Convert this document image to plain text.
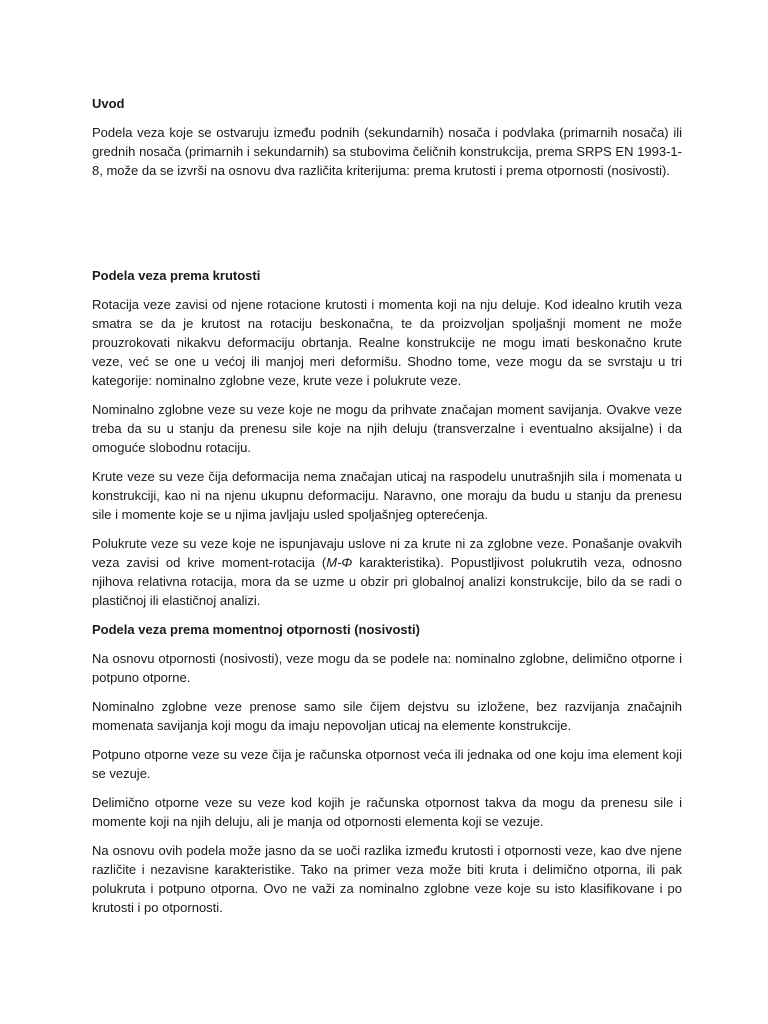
Uvod

Podela veza koje se ostvaruju između podnih (sekundarnih) nosača i podvlaka (primarnih nosača) ili grednih nosača (primarnih i sekundarnih) sa stubovima čeličnih konstrukcija, prema SRPS EN 1993-1-8, može da se izvrši na osnovu dva različita kriterijuma: prema krutosti i prema otpornosti (nosivosti).

Podela veza prema krutosti

Rotacija veze zavisi od njene rotacione krutosti i momenta koji na nju deluje. Kod idealno krutih veza smatra se da je krutost na rotaciju beskonačna, te da proizvoljan spoljašnji moment ne može prouzrokovati nikakvu deformaciju obrtanja. Realne konstrukcije ne mogu imati beskonačno krute veze, već se one u većoj ili manjoj meri deformišu. Shodno tome, veze mogu da se svrstaju u tri kategorije: nominalno zglobne veze, krute veze i polukrute veze.

Nominalno zglobne veze su veze koje ne mogu da prihvate značajan moment savijanja. Ovakve veze treba da su u stanju da prenesu sile koje na njih deluju (transverzalne i eventualno aksijalne) i da omoguće slobodnu rotaciju.

Krute veze su veze čija deformacija nema značajan uticaj na raspodelu unutrašnjih sila i momenata u konstrukciji, kao ni na njenu ukupnu deformaciju. Naravno, one moraju da budu u stanju da prenesu sile i momente koje se u njima javljaju usled spoljašnjeg opterećenja.

Polukrute veze su veze koje ne ispunjavaju uslove ni za krute ni za zglobne veze. Ponašanje ovakvih veza zavisi od krive moment-rotacija (M-Φ karakteristika). Popustljivost polukrutih veza, odnosno njihova relativna rotacija, mora da se uzme u obzir pri globalnoj analizi konstrukcije, bilo da se radi o plastičnoj ili elastičnoj analizi.

Podela veza prema momentnoj otpornosti (nosivosti)

Na osnovu otpornosti (nosivosti), veze mogu da se podele na: nominalno zglobne, delimično otporne i potpuno otporne.

Nominalno zglobne veze prenose samo sile čijem dejstvu su izložene, bez razvijanja značajnih momenata savijanja koji mogu da imaju nepovoljan uticaj na elemente konstrukcije.

Potpuno otporne veze su veze čija je računska otpornost veća ili jednaka od one koju ima element koji se vezuje.

Delimično otporne veze su veze kod kojih je računska otpornost takva da mogu da prenesu sile i momente koji na njih deluju, ali je manja od otpornosti elementa koji se vezuje.

Na osnovu ovih podela može jasno da se uoči razlika između krutosti i otpornosti veze, kao dve njene različite i nezavisne karakteristike. Tako na primer veza može biti kruta i delimično otporna, ili pak polukruta i potpuno otporna. Ovo ne važi za nominalno zglobne veze koje su isto klasifikovane i po krutosti i po otpornosti.
